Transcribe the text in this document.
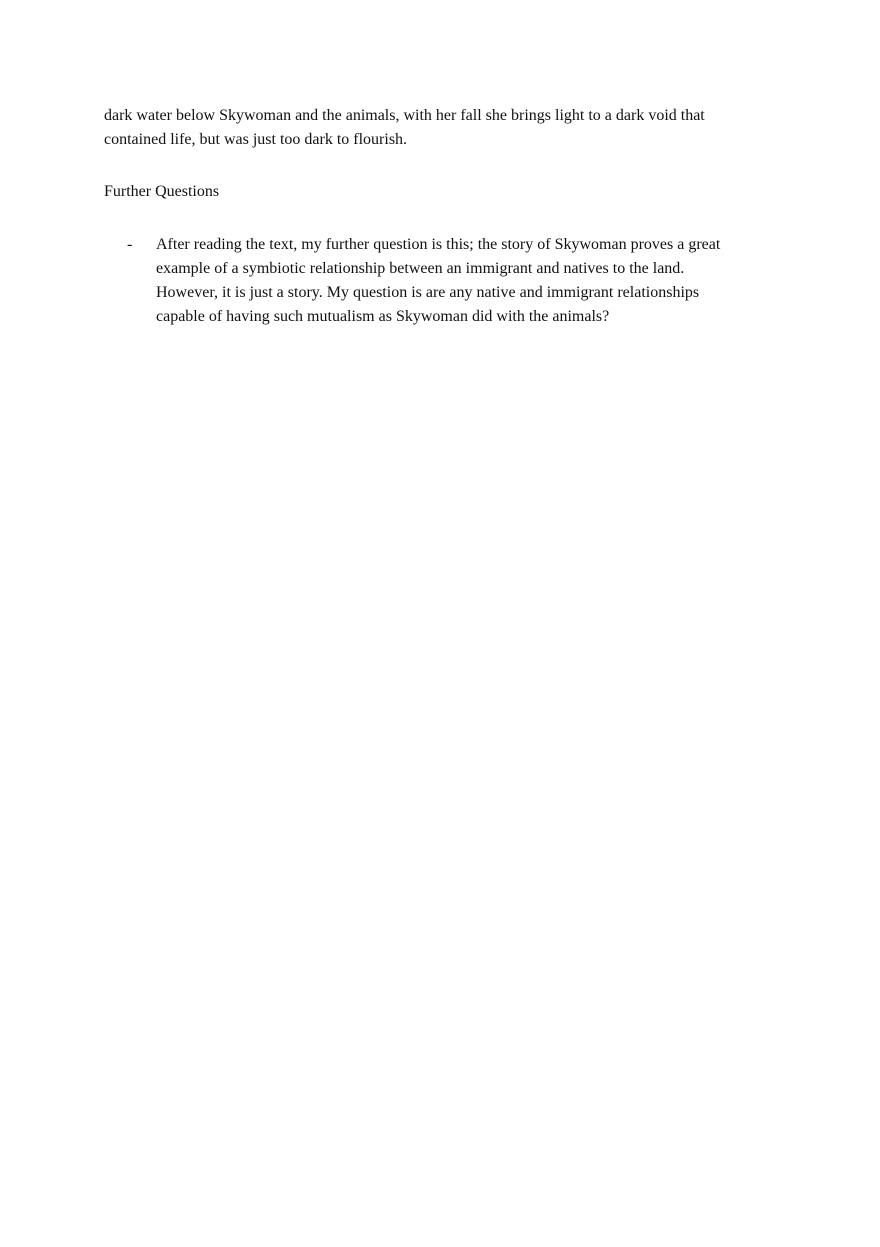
dark water below Skywoman and the animals, with her fall she brings light to a dark void that
contained life, but was just too dark to flourish.
Further Questions
- After reading the text, my further question is this; the story of Skywoman proves a great
example of a symbiotic relationship between an immigrant and natives to the land.
However, it is just a story. My question is are any native and immigrant relationships
capable of having such mutualism as Skywoman did with the animals?
